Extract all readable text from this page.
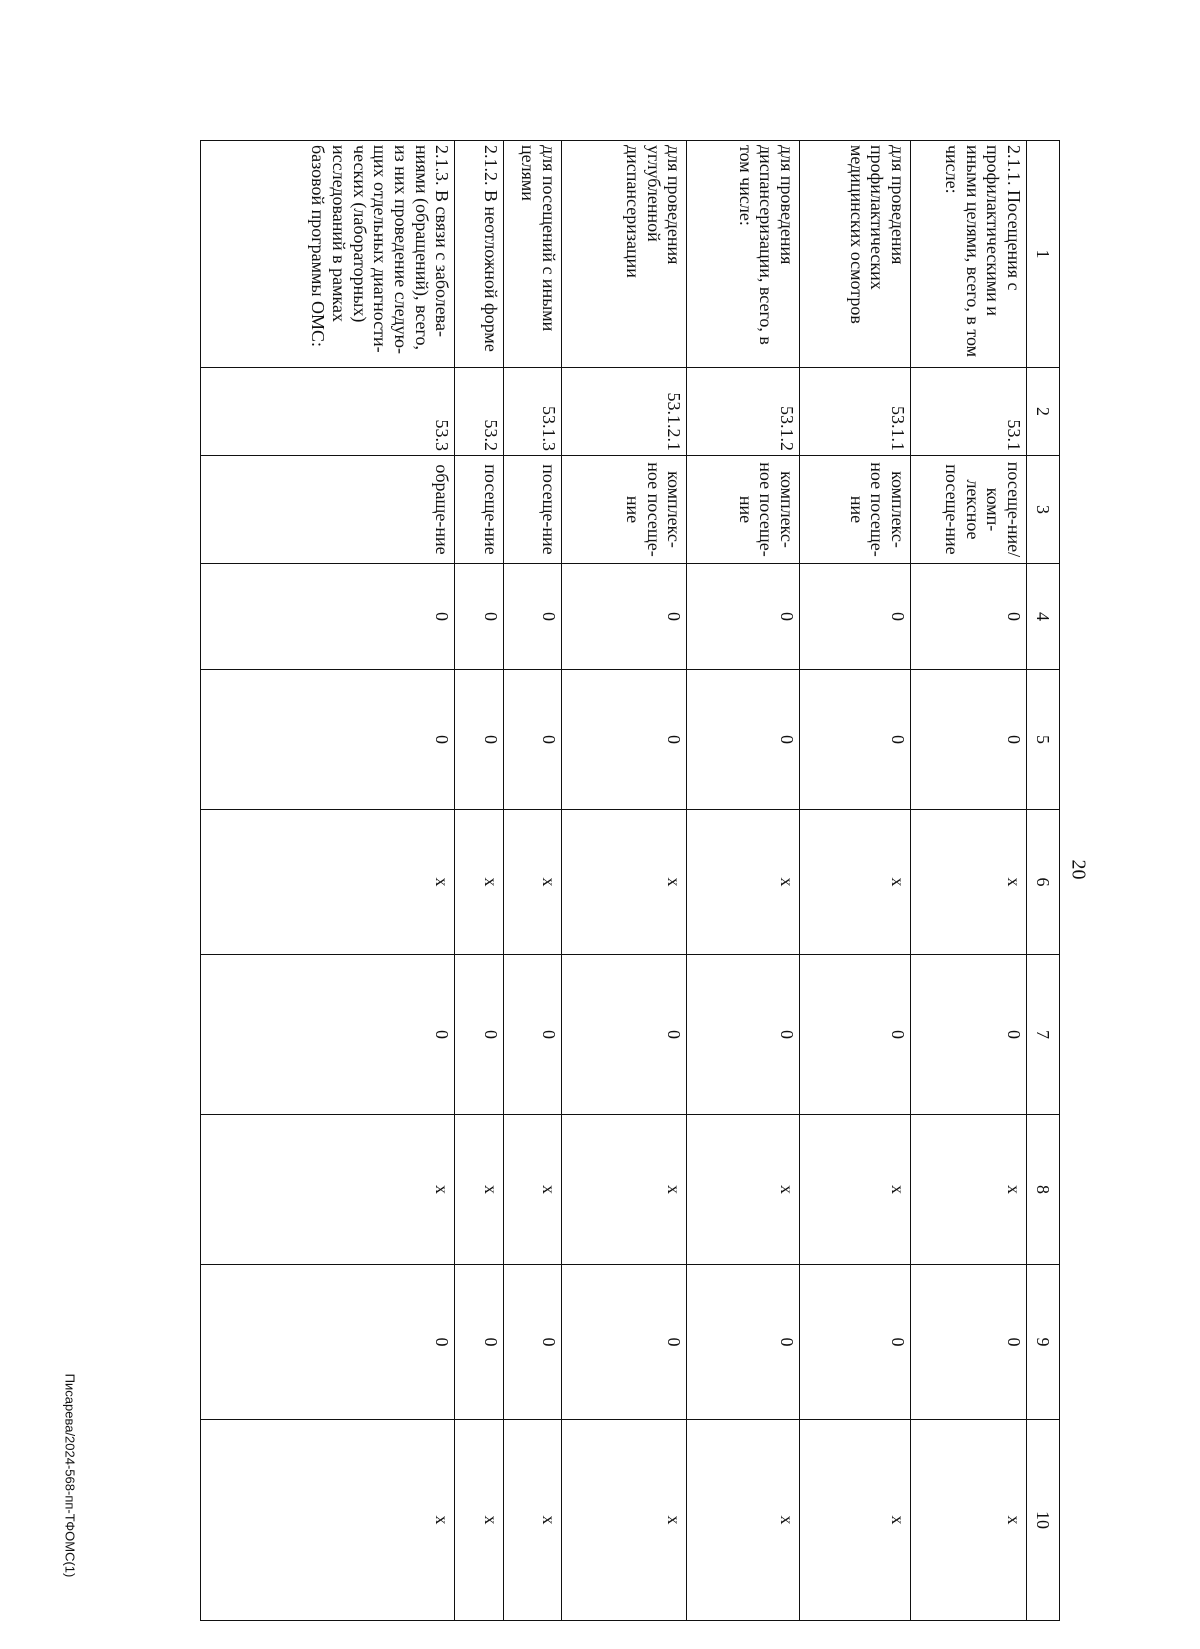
20
1	2	3	4	5	6	7	8	9	10
2.1.1. Посещения с профилактическими и иными целями, всего, в том числе:	53.1	посеще-ние/комп-лексное посеще-ние	0	0	х	0	х	0	х
для проведения профилактических медицинских осмотров	53.1.1	комплекс-ное посеще-ние	0	0	х	0	х	0	х
для проведения диспансеризации, всего, в том числе:	53.1.2	комплекс-ное посеще-ние	0	0	х	0	х	0	х
для проведения углубленной диспансеризации	53.1.2.1	комплекс-ное посеще-ние	0	0	х	0	х	0	х
для посещений с иными целями	53.1.3	посеще-ние	0	0	х	0	х	0	х
2.1.2. В неотложной форме	53.2	посеще-ние	0	0	х	0	х	0	х
2.1.3. В связи с заболева-ниями (обращений), всего, из них проведение следую-щих отдельных диагности-ческих (лабораторных) исследований в рамках базовой программы ОМС:	53.3	обраще-ние	0	0	х	0	х	0	х
Писарева/2024-568-пп-ТФОМС(1)
